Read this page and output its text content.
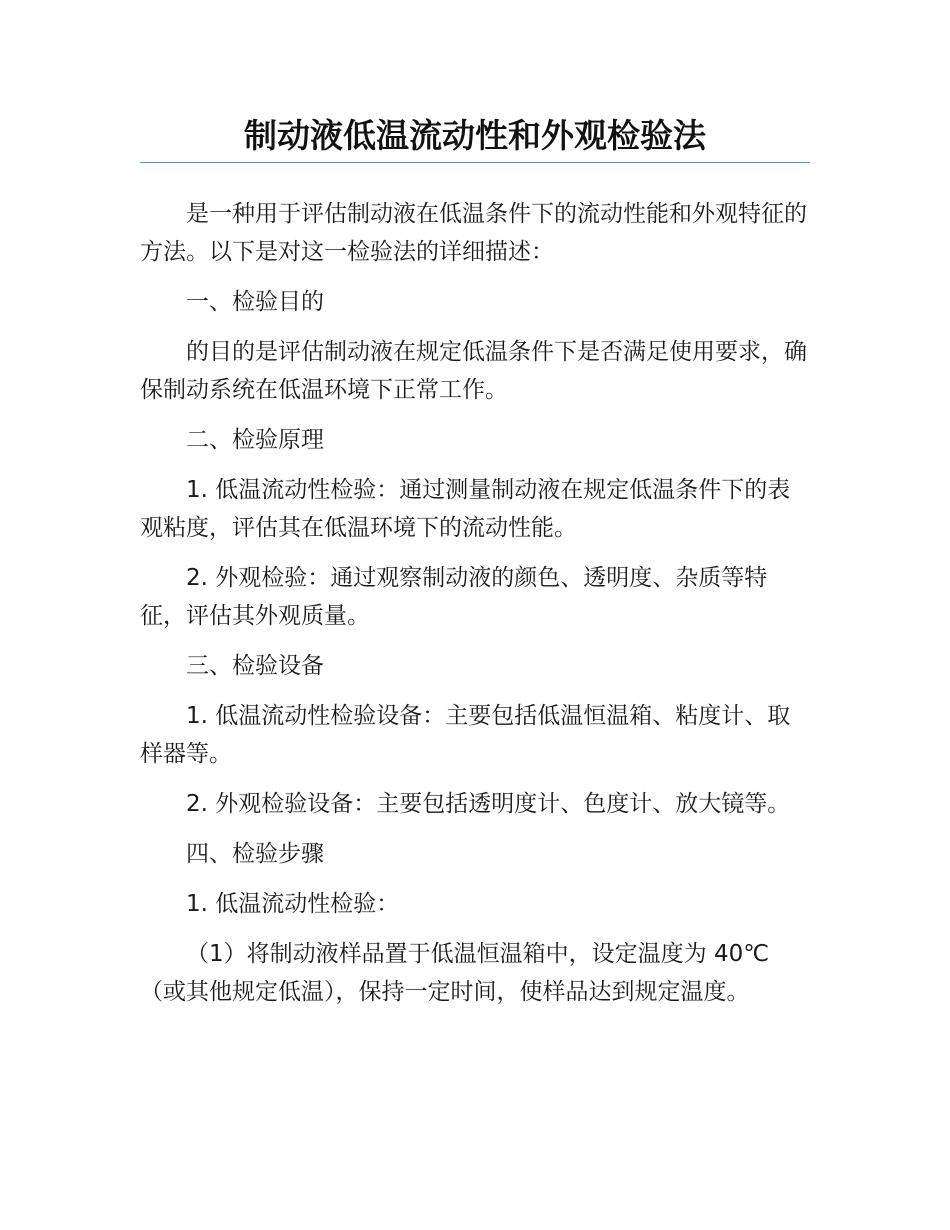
制动液低温流动性和外观检验法

是一种用于评估制动液在低温条件下的流动性能和外观特征的方法。以下是对这一检验法的详细描述：

一、检验目的

的目的是评估制动液在规定低温条件下是否满足使用要求，确保制动系统在低温环境下正常工作。

二、检验原理

1. 低温流动性检验：通过测量制动液在规定低温条件下的表观粘度，评估其在低温环境下的流动性能。

2. 外观检验：通过观察制动液的颜色、透明度、杂质等特征，评估其外观质量。

三、检验设备

1. 低温流动性检验设备：主要包括低温恒温箱、粘度计、取样器等。

2. 外观检验设备：主要包括透明度计、色度计、放大镜等。

四、检验步骤

1. 低温流动性检验：

（1）将制动液样品置于低温恒温箱中，设定温度为 40℃（或其他规定低温），保持一定时间，使样品达到规定温度。
